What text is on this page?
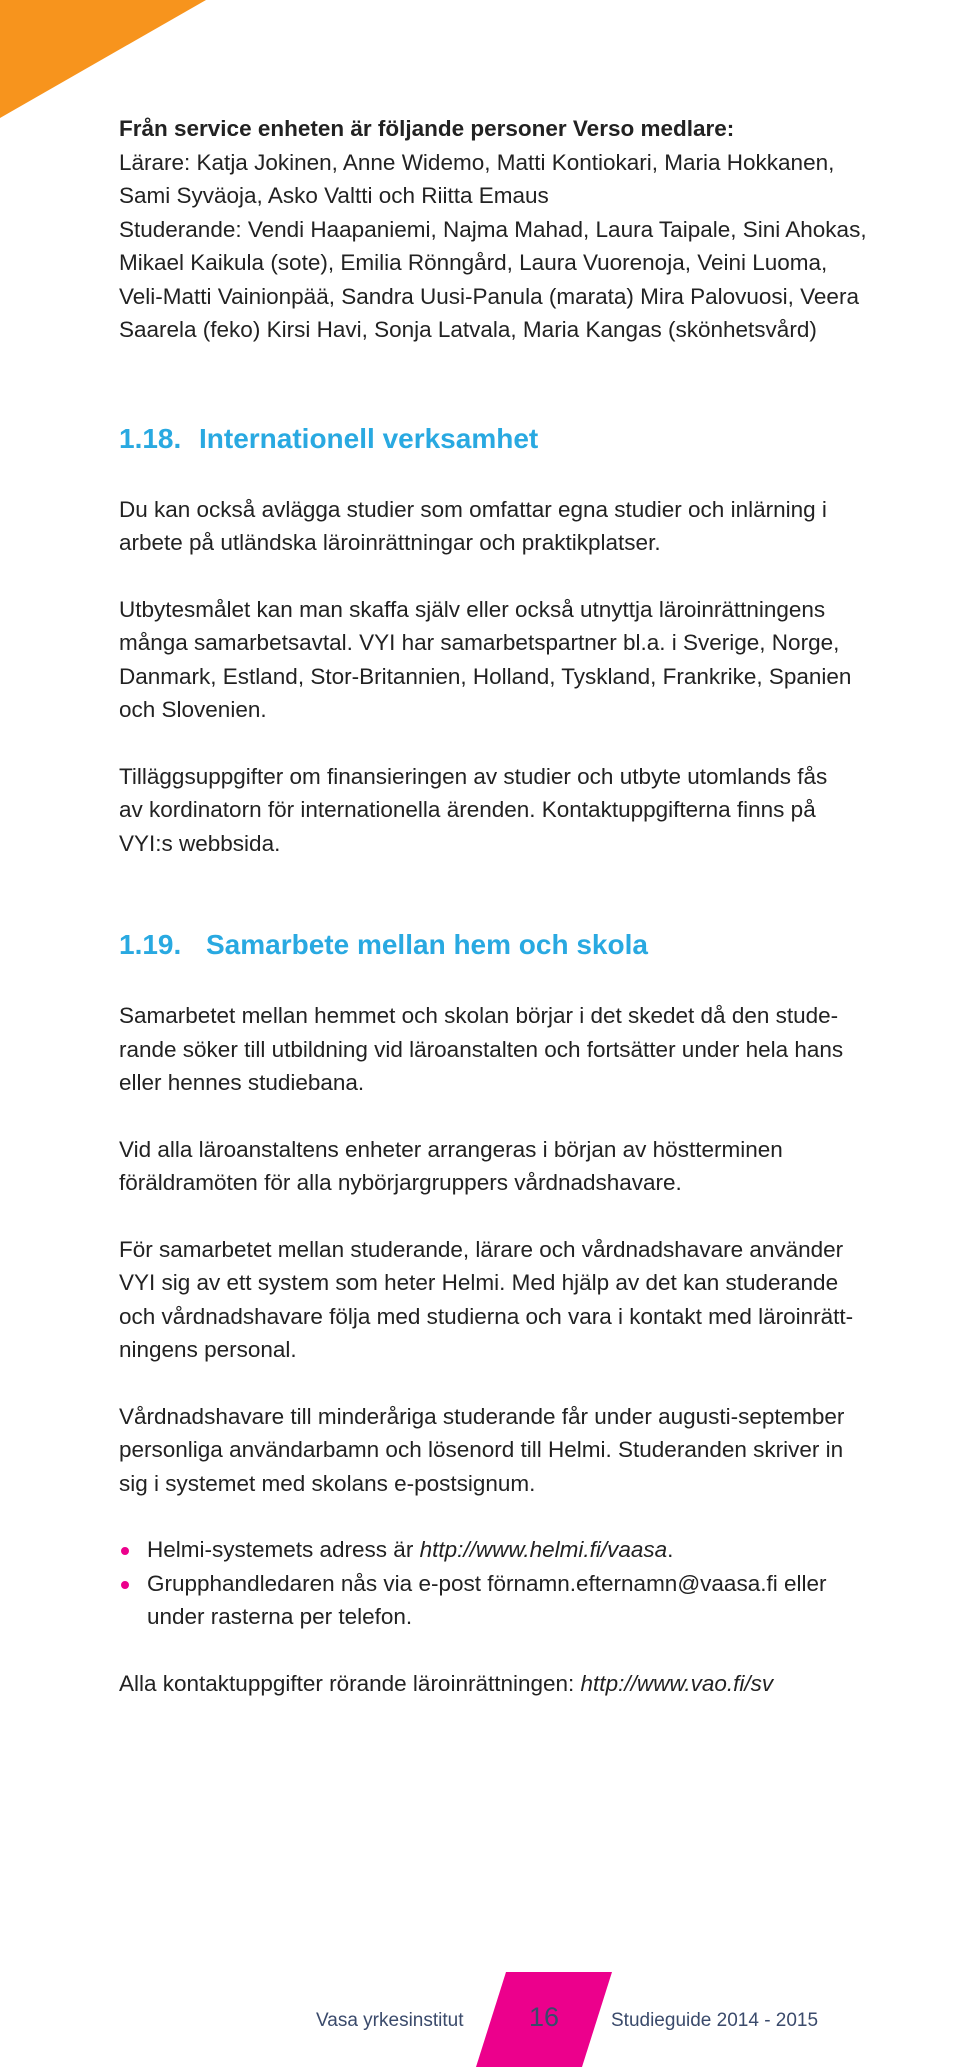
Från service enheten är följande personer Verso medlare:

Lärare: Katja Jokinen, Anne Widemo, Matti Kontiokari, Maria Hokkanen,

Sami Syväoja, Asko Valtti och Riitta Emaus

Studerande: Vendi Haapaniemi, Najma Mahad, Laura Taipale, Sini Ahokas,

Mikael Kaikula (sote), Emilia Rönngård, Laura Vuorenoja, Veini Luoma,

Veli-Matti Vainionpää, Sandra Uusi-Panula (marata) Mira Palovuosi, Veera

Saarela (feko) Kirsi Havi, Sonja Latvala, Maria Kangas (skönhetsvård)

1.18. Internationell verksamhet

Du kan också avlägga studier som omfattar egna studier och inlärning i

arbete på utländska läroinrättningar och praktikplatser.

Utbytesmålet kan man skaffa själv eller också utnyttja läroinrättningens

många samarbetsavtal. VYI har samarbetspartner bl.a. i Sverige, Norge,

Danmark, Estland, Stor-Britannien, Holland, Tyskland, Frankrike, Spanien

och Slovenien.

Tilläggsuppgifter om finansieringen av studier och utbyte utomlands fås

av kordinatorn för internationella ärenden. Kontaktuppgifterna finns på

VYI:s webbsida.

1.19. Samarbete mellan hem och skola

Samarbetet mellan hemmet och skolan börjar i det skedet då den stude-

rande söker till utbildning vid läroanstalten och fortsätter under hela hans

eller hennes studiebana.

Vid alla läroanstaltens enheter arrangeras i början av höstterminen

föräldramöten för alla nybörjargruppers vårdnadshavare.

För samarbetet mellan studerande, lärare och vårdnadshavare använder

VYI sig av ett system som heter Helmi. Med hjälp av det kan studerande

och vårdnadshavare följa med studierna och vara i kontakt med läroinrätt-

ningens personal.

Vårdnadshavare till minderåriga studerande får under augusti-september

personliga användarbamn och lösenord till Helmi. Studeranden skriver in

sig i systemet med skolans e-postsignum.

Helmi-systemets adress är http://www.helmi.fi/vaasa.
Grupphandledaren nås via e-post förnamn.efternamn@vaasa.fi eller
under rasterna per telefon.

Alla kontaktuppgifter rörande läroinrättningen: http://www.vao.fi/sv

Vasa yrkesinstitut	16	Studieguide 2014 - 2015
